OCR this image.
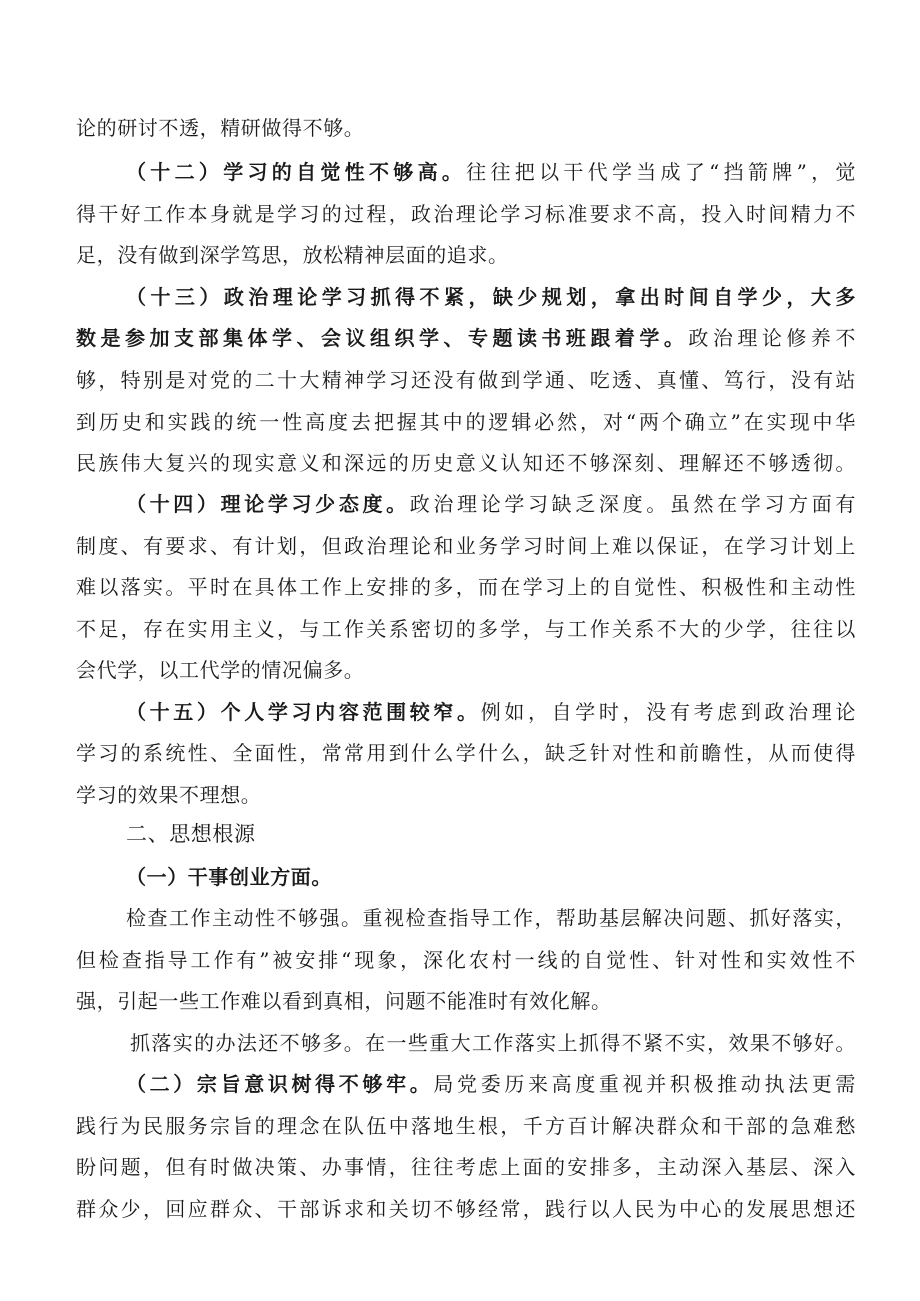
论的研讨不透，精研做得不够。
（十二）学习的自觉性不够高。往往把以干代学当成了“挡箭牌”，觉
得干好工作本身就是学习的过程，政治理论学习标准要求不高，投入时间精力不
足，没有做到深学笃思，放松精神层面的追求。
（十三）政治理论学习抓得不紧，缺少规划，拿出时间自学少，大多
数是参加支部集体学、会议组织学、专题读书班跟着学。政治理论修养不
够，特别是对党的二十大精神学习还没有做到学通、吃透、真懂、笃行，没有站
到历史和实践的统一性高度去把握其中的逻辑必然，对“两个确立”在实现中华
民族伟大复兴的现实意义和深远的历史意义认知还不够深刻、理解还不够透彻。
（十四）理论学习少态度。政治理论学习缺乏深度。虽然在学习方面有
制度、有要求、有计划，但政治理论和业务学习时间上难以保证，在学习计划上
难以落实。平时在具体工作上安排的多，而在学习上的自觉性、积极性和主动性
不足，存在实用主义，与工作关系密切的多学，与工作关系不大的少学，往往以
会代学，以工代学的情况偏多。
（十五）个人学习内容范围较窄。例如，自学时，没有考虑到政治理论
学习的系统性、全面性，常常用到什么学什么，缺乏针对性和前瞻性，从而使得
学习的效果不理想。
二、思想根源
（一）干事创业方面。
检查工作主动性不够强。重视检查指导工作，帮助基层解决问题、抓好落实，
但检查指导工作有”被安排“现象，深化农村一线的自觉性、针对性和实效性不
强，引起一些工作难以看到真相，问题不能准时有效化解。
抓落实的办法还不够多。在一些重大工作落实上抓得不紧不实，效果不够好。
（二）宗旨意识树得不够牢。局党委历来高度重视并积极推动执法更需
践行为民服务宗旨的理念在队伍中落地生根，千方百计解决群众和干部的急难愁
盼问题，但有时做决策、办事情，往往考虑上面的安排多，主动深入基层、深入
群众少，回应群众、干部诉求和关切不够经常，践行以人民为中心的发展思想还
